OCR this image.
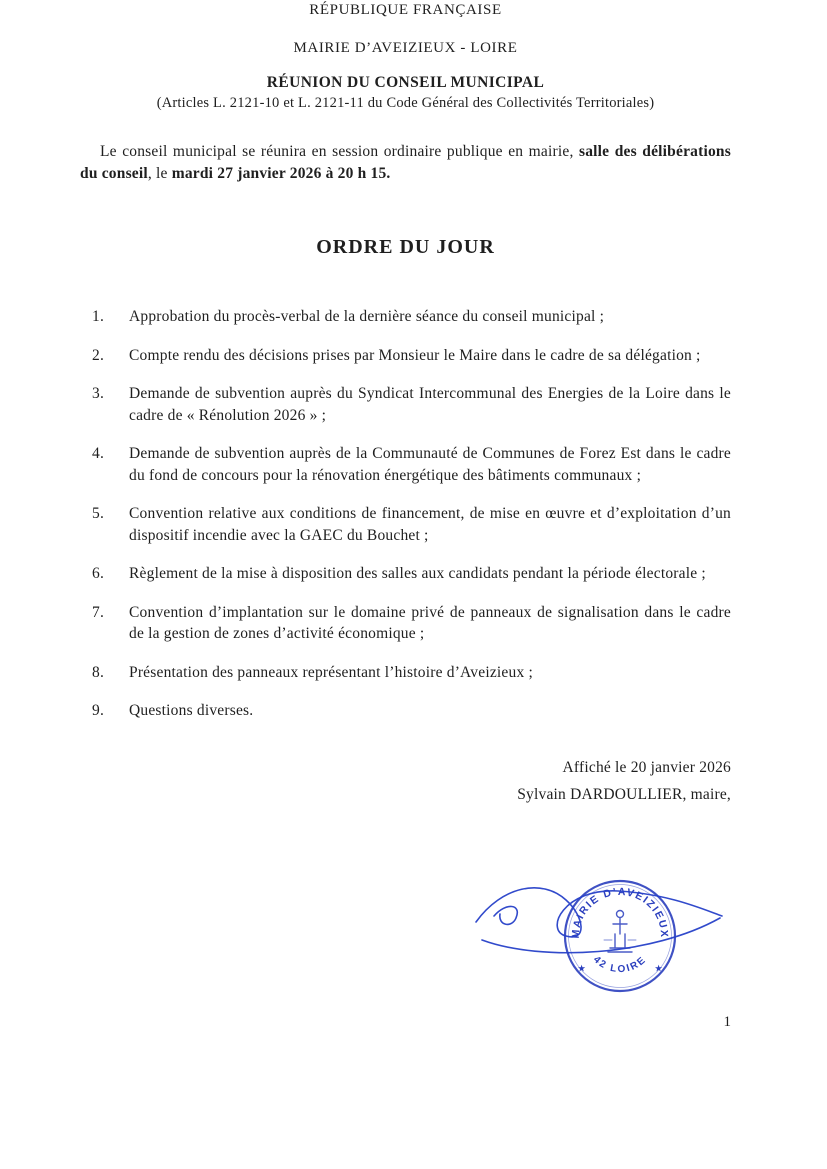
RÉPUBLIQUE FRANÇAISE
MAIRIE D’AVEIZIEUX - LOIRE
RÉUNION DU CONSEIL MUNICIPAL
(Articles L. 2121-10 et L. 2121-11 du Code Général des Collectivités Territoriales)

Le conseil municipal se réunira en session ordinaire publique en mairie, salle des délibérations du conseil, le mardi 27 janvier 2026 à 20 h 15.

ORDRE DU JOUR
1.	Approbation du procès-verbal de la dernière séance du conseil municipal ;
2.	Compte rendu des décisions prises par Monsieur le Maire dans le cadre de sa délégation ;
3.	Demande de subvention auprès du Syndicat Intercommunal des Energies de la Loire dans le cadre de « Rénolution 2026 » ;
4.	Demande de subvention auprès de la Communauté de Communes de Forez Est dans le cadre du fond de concours pour la rénovation énergétique des bâtiments communaux ;
5.	Convention relative aux conditions de financement, de mise en œuvre et d’exploitation d’un dispositif incendie avec la GAEC du Bouchet ;
6.	Règlement de la mise à disposition des salles aux candidats pendant la période électorale ;
7.	Convention d’implantation sur le domaine privé de panneaux de signalisation dans le cadre de la gestion de zones d’activité économique ;
8.	Présentation des panneaux représentant l’histoire d’Aveizieux ;
9.	Questions diverses.
Affiché le 20 janvier 2026
Sylvain DARDOULLIER, maire,
MAIRIE D’AVEIZIEUX
42 LOIRE
★	★
1
